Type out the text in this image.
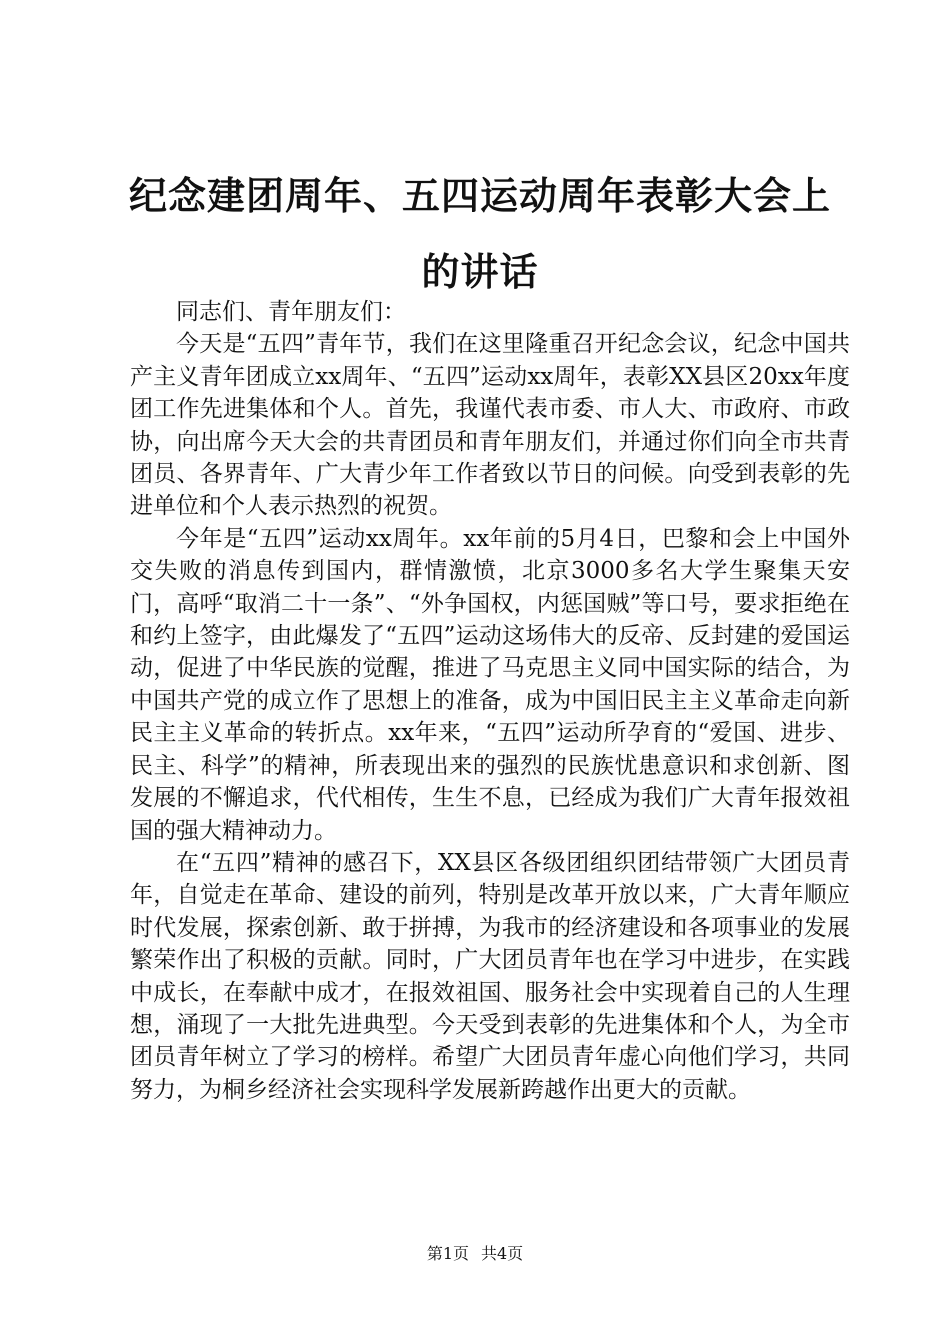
纪念建团周年、五四运动周年表彰大会上的讲话

同志们、青年朋友们：

今天是“五四”青年节，我们在这里隆重召开纪念会议，纪念中国共产主义青年团成立xx周年、“五四”运动xx周年，表彰XX县区20xx年度团工作先进集体和个人。首先，我谨代表市委、市人大、市政府、市政协，向出席今天大会的共青团员和青年朋友们，并通过你们向全市共青团员、各界青年、广大青少年工作者致以节日的问候。向受到表彰的先进单位和个人表示热烈的祝贺。

今年是“五四”运动xx周年。xx年前的5月4日，巴黎和会上中国外交失败的消息传到国内，群情激愤，北京3000多名大学生聚集天安门，高呼“取消二十一条”、“外争国权，内惩国贼”等口号，要求拒绝在和约上签字，由此爆发了“五四”运动这场伟大的反帝、反封建的爱国运动，促进了中华民族的觉醒，推进了马克思主义同中国实际的结合，为中国共产党的成立作了思想上的准备，成为中国旧民主主义革命走向新民主主义革命的转折点。xx年来，“五四”运动所孕育的“爱国、进步、民主、科学”的精神，所表现出来的强烈的民族忧患意识和求创新、图发展的不懈追求，代代相传，生生不息，已经成为我们广大青年报效祖国的强大精神动力。

在“五四”精神的感召下，XX县区各级团组织团结带领广大团员青年，自觉走在革命、建设的前列，特别是改革开放以来，广大青年顺应时代发展，探索创新、敢于拼搏，为我市的经济建设和各项事业的发展繁荣作出了积极的贡献。同时，广大团员青年也在学习中进步，在实践中成长，在奉献中成才，在报效祖国、服务社会中实现着自己的人生理想，涌现了一大批先进典型。今天受到表彰的先进集体和个人，为全市团员青年树立了学习的榜样。希望广大团员青年虚心向他们学习，共同努力，为桐乡经济社会实现科学发展新跨越作出更大的贡献。

第1页 共4页
